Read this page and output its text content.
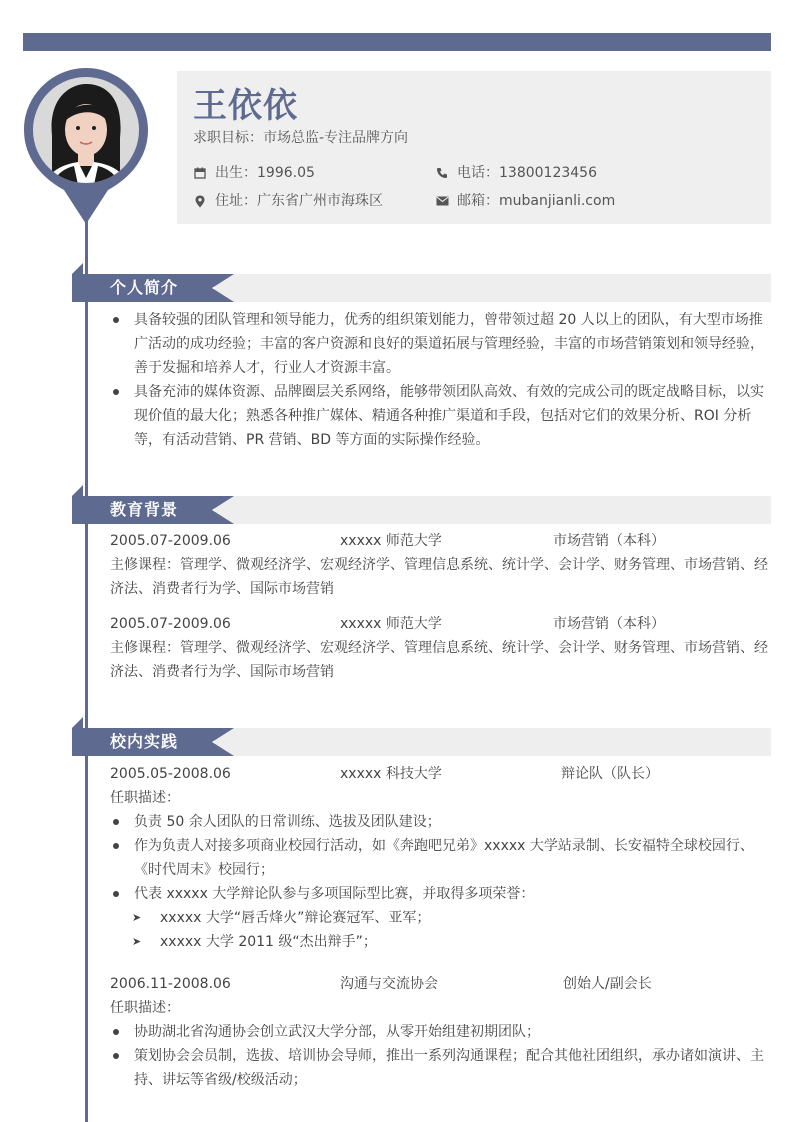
王依依
求职目标：市场总监-专注品牌方向
出生：1996.05	电话：13800123456
住址：广东省广州市海珠区	邮箱：mubanjianli.com
个人简介
具备较强的团队管理和领导能力，优秀的组织策划能力，曾带领过超 20 人以上的团队，有大型市场推广活动的成功经验；丰富的客户资源和良好的渠道拓展与管理经验，丰富的市场营销策划和领导经验，善于发掘和培养人才，行业人才资源丰富。
具备充沛的媒体资源、品牌圈层关系网络，能够带领团队高效、有效的完成公司的既定战略目标，以实现价值的最大化；熟悉各种推广媒体、精通各种推广渠道和手段，包括对它们的效果分析、ROI 分析等，有活动营销、PR 营销、BD 等方面的实际操作经验。
教育背景
2005.07-2009.06	xxxxx 师范大学	市场营销（本科）
主修课程：管理学、微观经济学、宏观经济学、管理信息系统、统计学、会计学、财务管理、市场营销、经济法、消费者行为学、国际市场营销
2005.07-2009.06	xxxxx 师范大学	市场营销（本科）
主修课程：管理学、微观经济学、宏观经济学、管理信息系统、统计学、会计学、财务管理、市场营销、经济法、消费者行为学、国际市场营销
校内实践
2005.05-2008.06	xxxxx 科技大学	辩论队（队长）
任职描述：
负责 50 余人团队的日常训练、选拔及团队建设；
作为负责人对接多项商业校园行活动，如《奔跑吧兄弟》xxxxx 大学站录制、长安福特全球校园行、《时代周末》校园行；
代表 xxxxx 大学辩论队参与多项国际型比赛，并取得多项荣誉：
➤ xxxxx 大学“唇舌烽火”辩论赛冠军、亚军；
➤ xxxxx 大学 2011 级“杰出辩手”；
2006.11-2008.06	沟通与交流协会	创始人/副会长
任职描述：
协助湖北省沟通协会创立武汉大学分部，从零开始组建初期团队；
策划协会会员制，选拔、培训协会导师，推出一系列沟通课程；配合其他社团组织，承办诸如演讲、主持、讲坛等省级/校级活动；
